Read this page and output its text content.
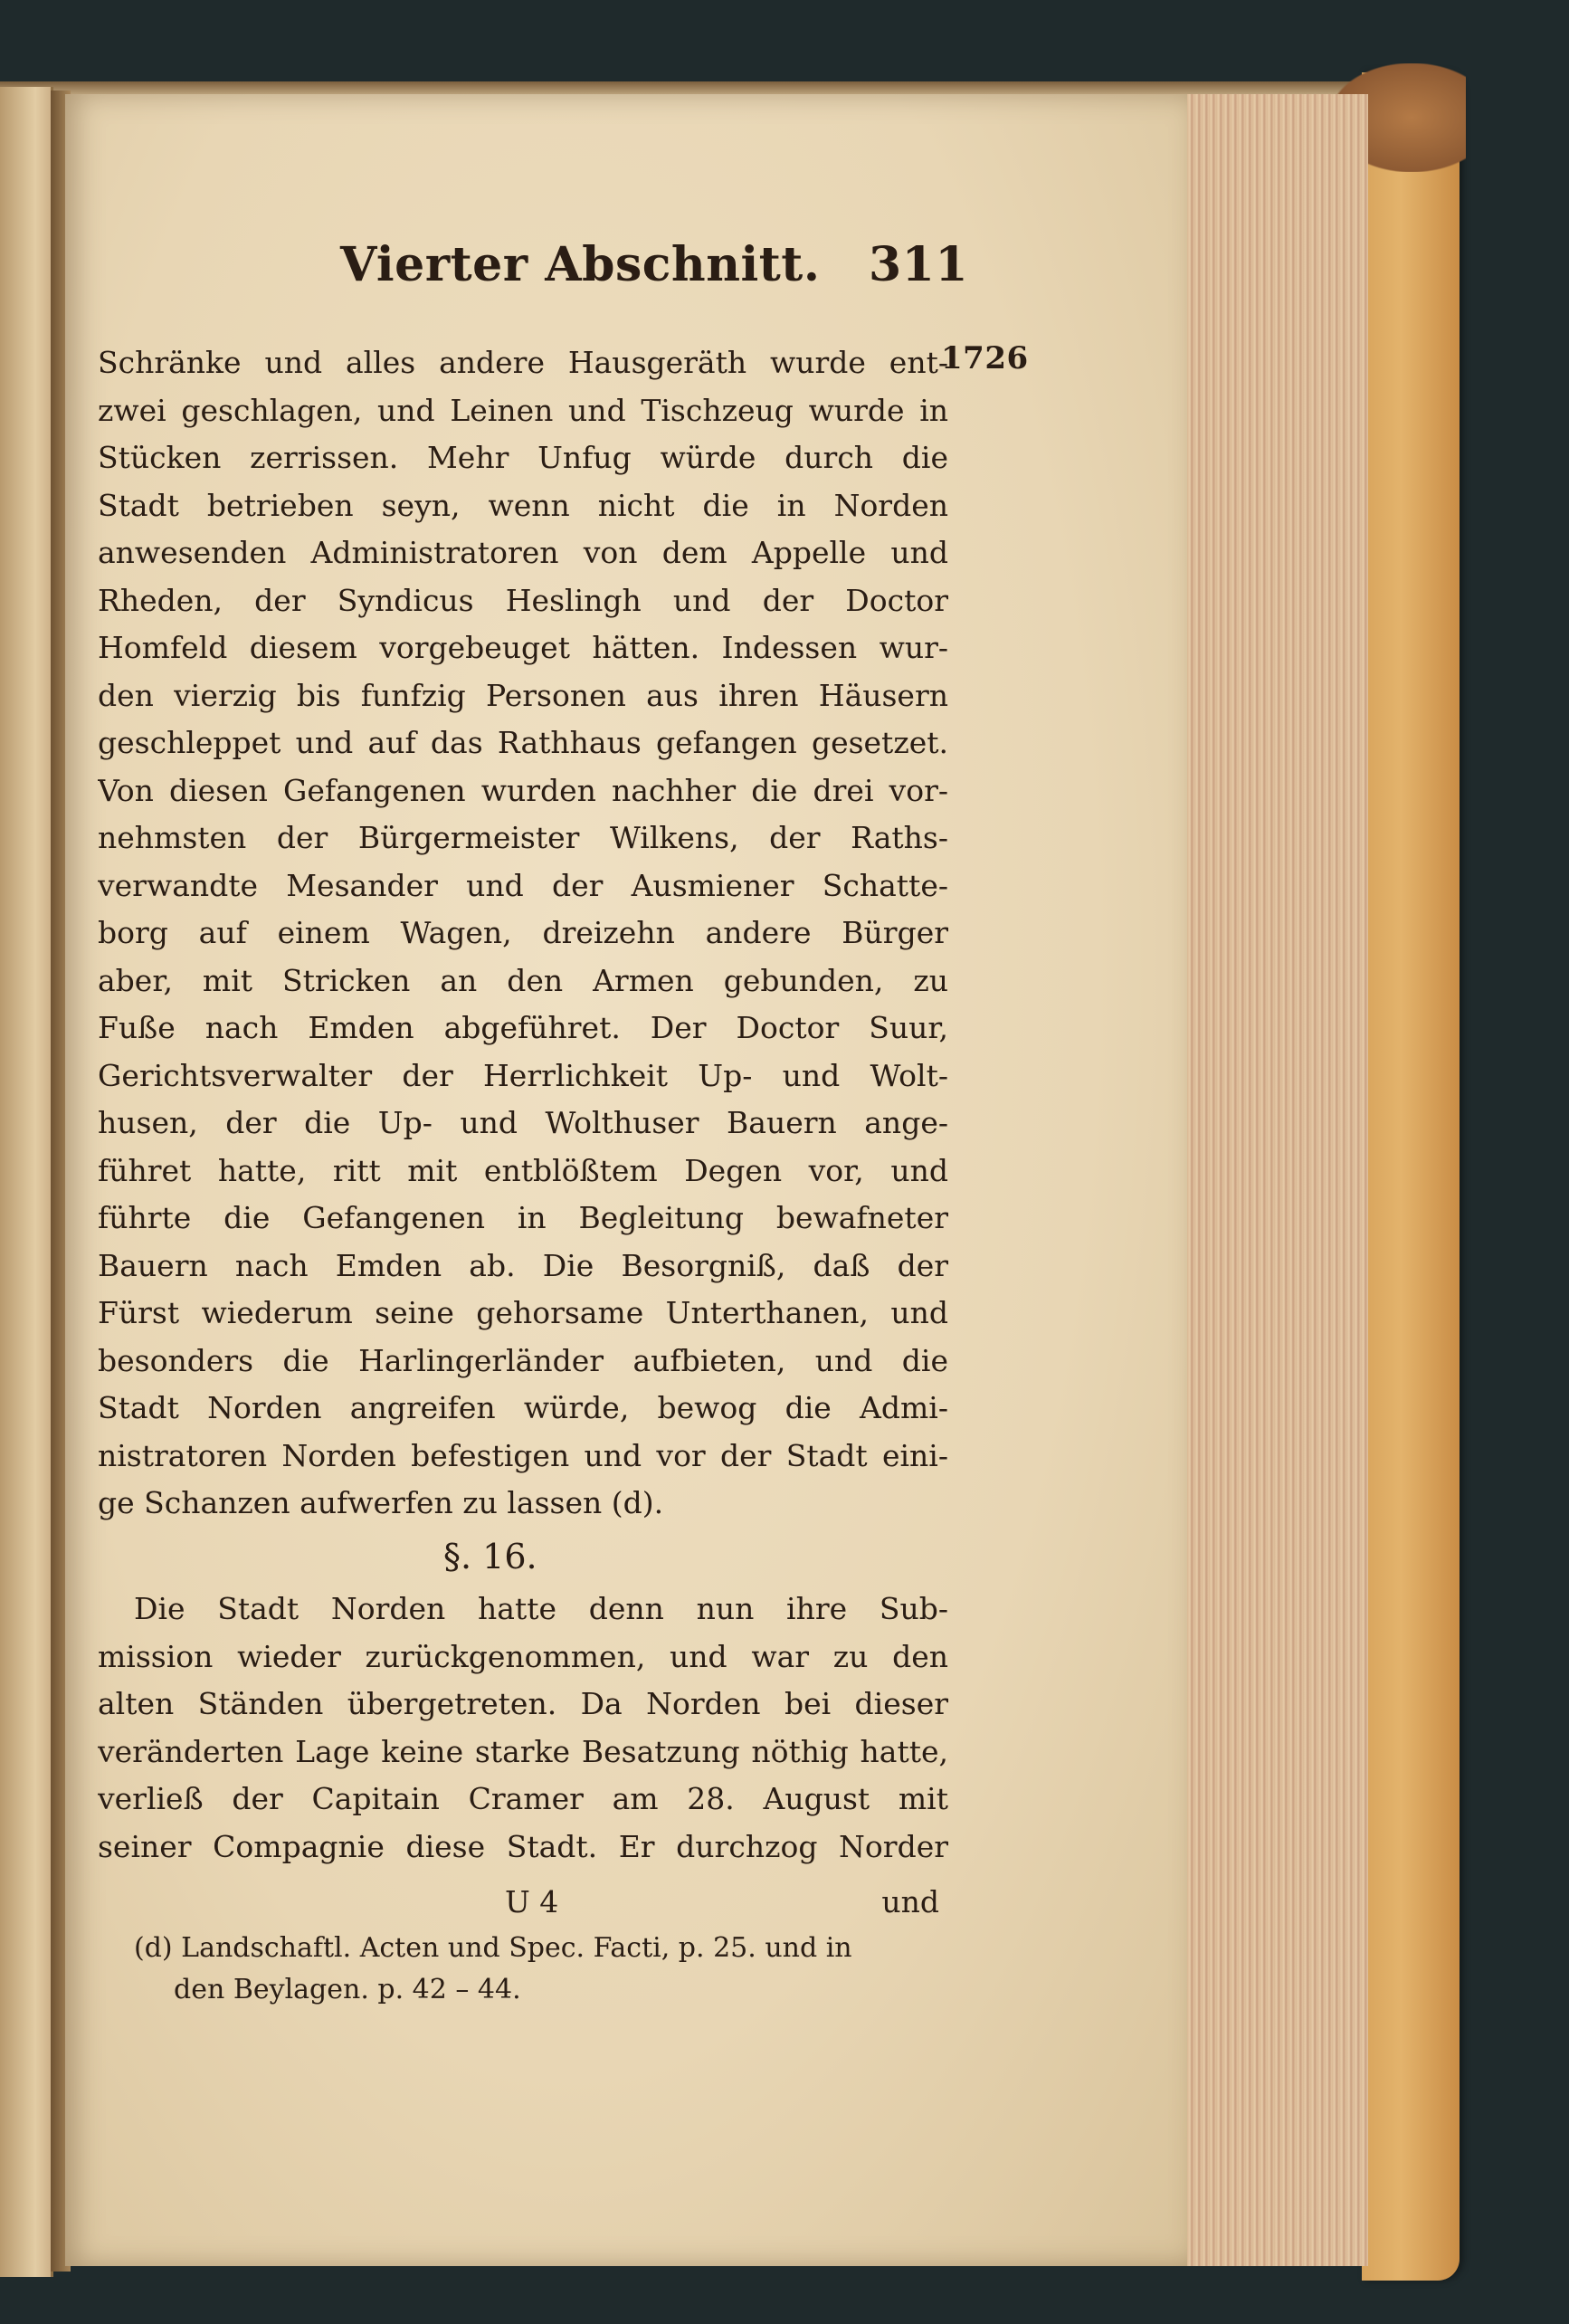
Vierter Abschnitt. 311
1726
Schränke und alles andere Hausgeräth wurde ent-
zwei geschlagen, und Leinen und Tischzeug wurde in
Stücken zerrissen. Mehr Unfug würde durch die
Stadt betrieben seyn, wenn nicht die in Norden
anwesenden Administratoren von dem Appelle und
Rheden, der Syndicus Heslingh und der Doctor
Homfeld diesem vorgebeuget hätten. Indessen wur-
den vierzig bis funfzig Personen aus ihren Häusern
geschleppet und auf das Rathhaus gefangen gesetzet.
Von diesen Gefangenen wurden nachher die drei vor-
nehmsten der Bürgermeister Wilkens, der Raths-
verwandte Mesander und der Ausmiener Schatte-
borg auf einem Wagen, dreizehn andere Bürger
aber, mit Stricken an den Armen gebunden, zu
Fuße nach Emden abgeführet. Der Doctor Suur,
Gerichtsverwalter der Herrlichkeit Up- und Wolt-
husen, der die Up- und Wolthuser Bauern ange-
führet hatte, ritt mit entblößtem Degen vor, und
führte die Gefangenen in Begleitung bewafneter
Bauern nach Emden ab. Die Besorgniß, daß der
Fürst wiederum seine gehorsame Unterthanen, und
besonders die Harlingerländer aufbieten, und die
Stadt Norden angreifen würde, bewog die Admi-
nistratoren Norden befestigen und vor der Stadt eini-
ge Schanzen aufwerfen zu lassen (d).
§. 16.
Die Stadt Norden hatte denn nun ihre Sub-
mission wieder zurückgenommen, und war zu den
alten Ständen übergetreten. Da Norden bei dieser
veränderten Lage keine starke Besatzung nöthig hatte,
verließ der Capitain Cramer am 28. August mit
seiner Compagnie diese Stadt. Er durchzog Norder
U 4	und
(d) Landschaftl. Acten und Spec. Facti, p. 25. und in
den Beylagen. p. 42 – 44.
